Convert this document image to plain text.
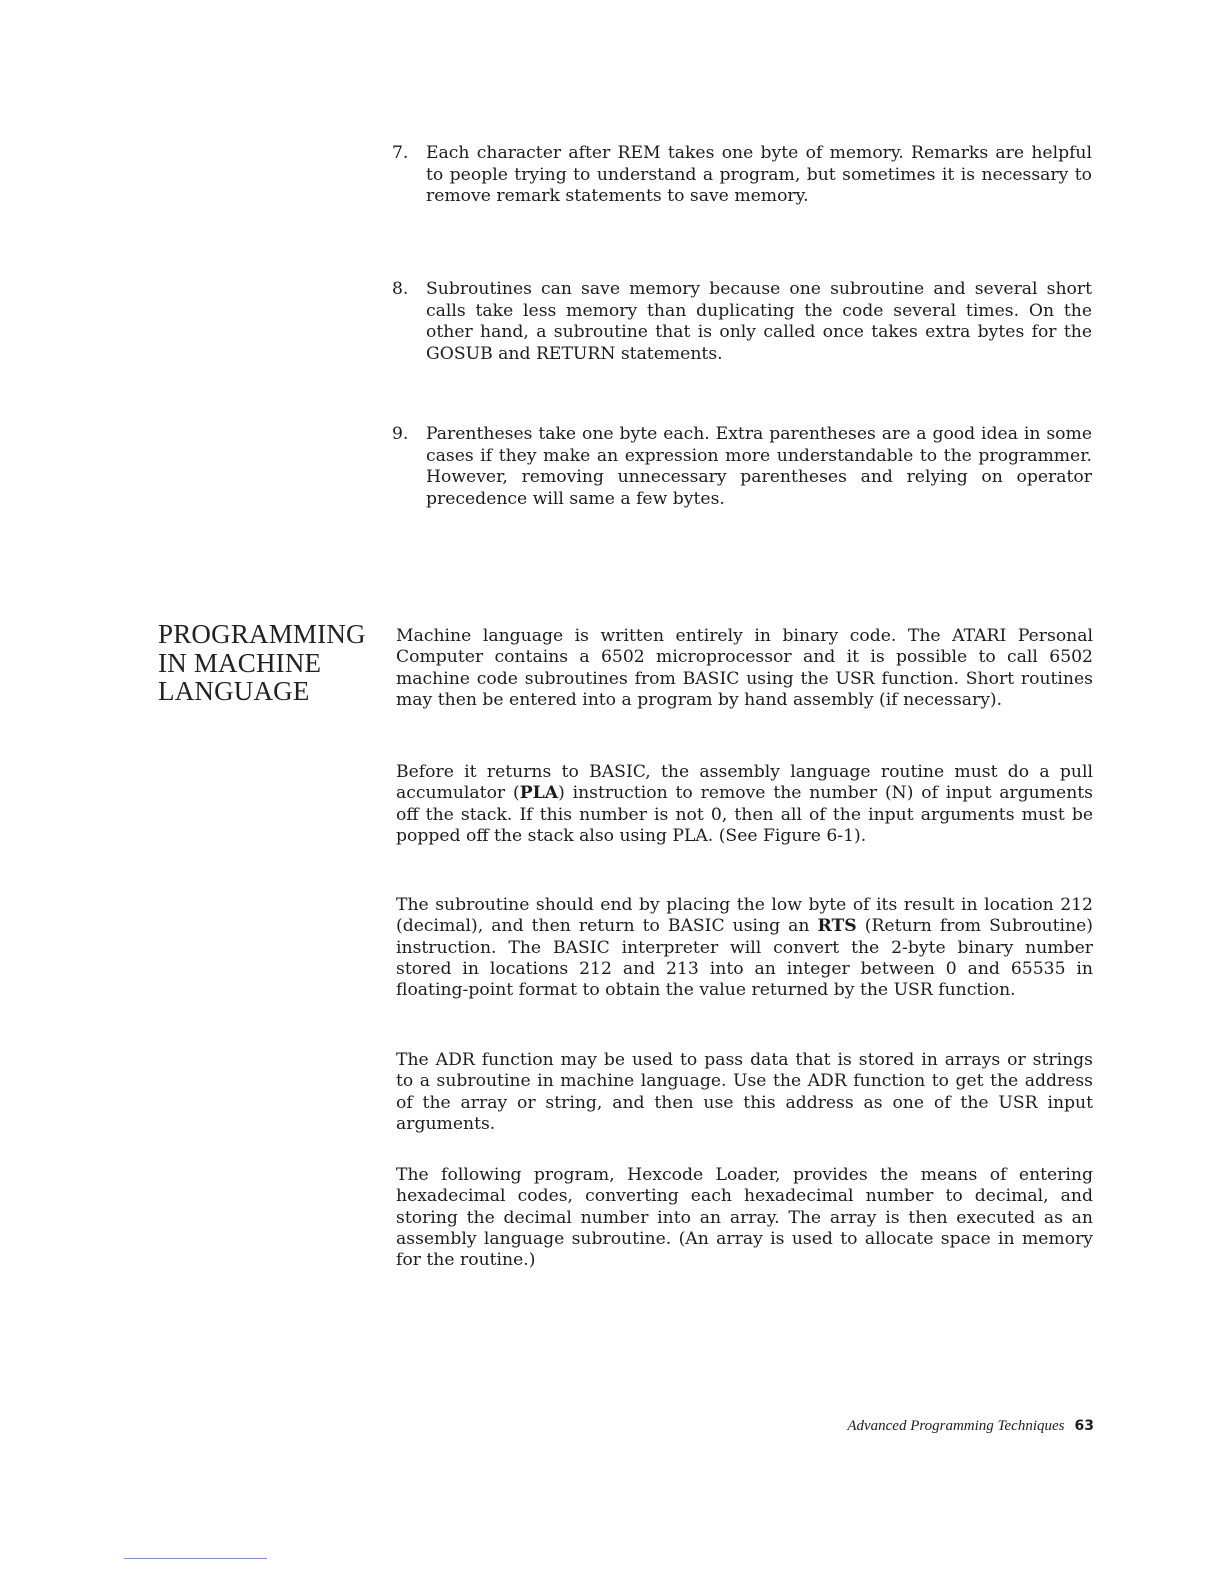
7.	Each character after REM takes one byte of memory. Remarks are helpful to people trying to understand a program, but sometimes it is necessary to remove remark statements to save memory.
8.	Subroutines can save memory because one subroutine and several short calls take less memory than duplicating the code several times. On the other hand, a subroutine that is only called once takes extra bytes for the GOSUB and RETURN statements.
9.	Parentheses take one byte each. Extra parentheses are a good idea in some cases if they make an expression more understandable to the programmer. However, removing unnecessary parentheses and relying on operator precedence will same a few bytes.
PROGRAMMING
IN MACHINE
LANGUAGE
Machine language is written entirely in binary code. The ATARI Personal Computer contains a 6502 microprocessor and it is possible to call 6502 machine code subroutines from BASIC using the USR function. Short routines may then be entered into a program by hand assembly (if necessary).
Before it returns to BASIC, the assembly language routine must do a pull accumulator (PLA) instruction to remove the number (N) of input arguments off the stack. If this number is not 0, then all of the input arguments must be popped off the stack also using PLA. (See Figure 6-1).
The subroutine should end by placing the low byte of its result in location 212 (decimal), and then return to BASIC using an RTS (Return from Subroutine) instruction. The BASIC interpreter will convert the 2-byte binary number stored in locations 212 and 213 into an integer between 0 and 65535 in floating-point format to obtain the value returned by the USR function.
The ADR function may be used to pass data that is stored in arrays or strings to a subroutine in machine language. Use the ADR function to get the address of the array or string, and then use this address as one of the USR input arguments.
The following program, Hexcode Loader, provides the means of entering hexadecimal codes, converting each hexadecimal number to decimal, and storing the decimal number into an array. The array is then executed as an assembly language subroutine. (An array is used to allocate space in memory for the routine.)
Advanced Programming Techniques 63
